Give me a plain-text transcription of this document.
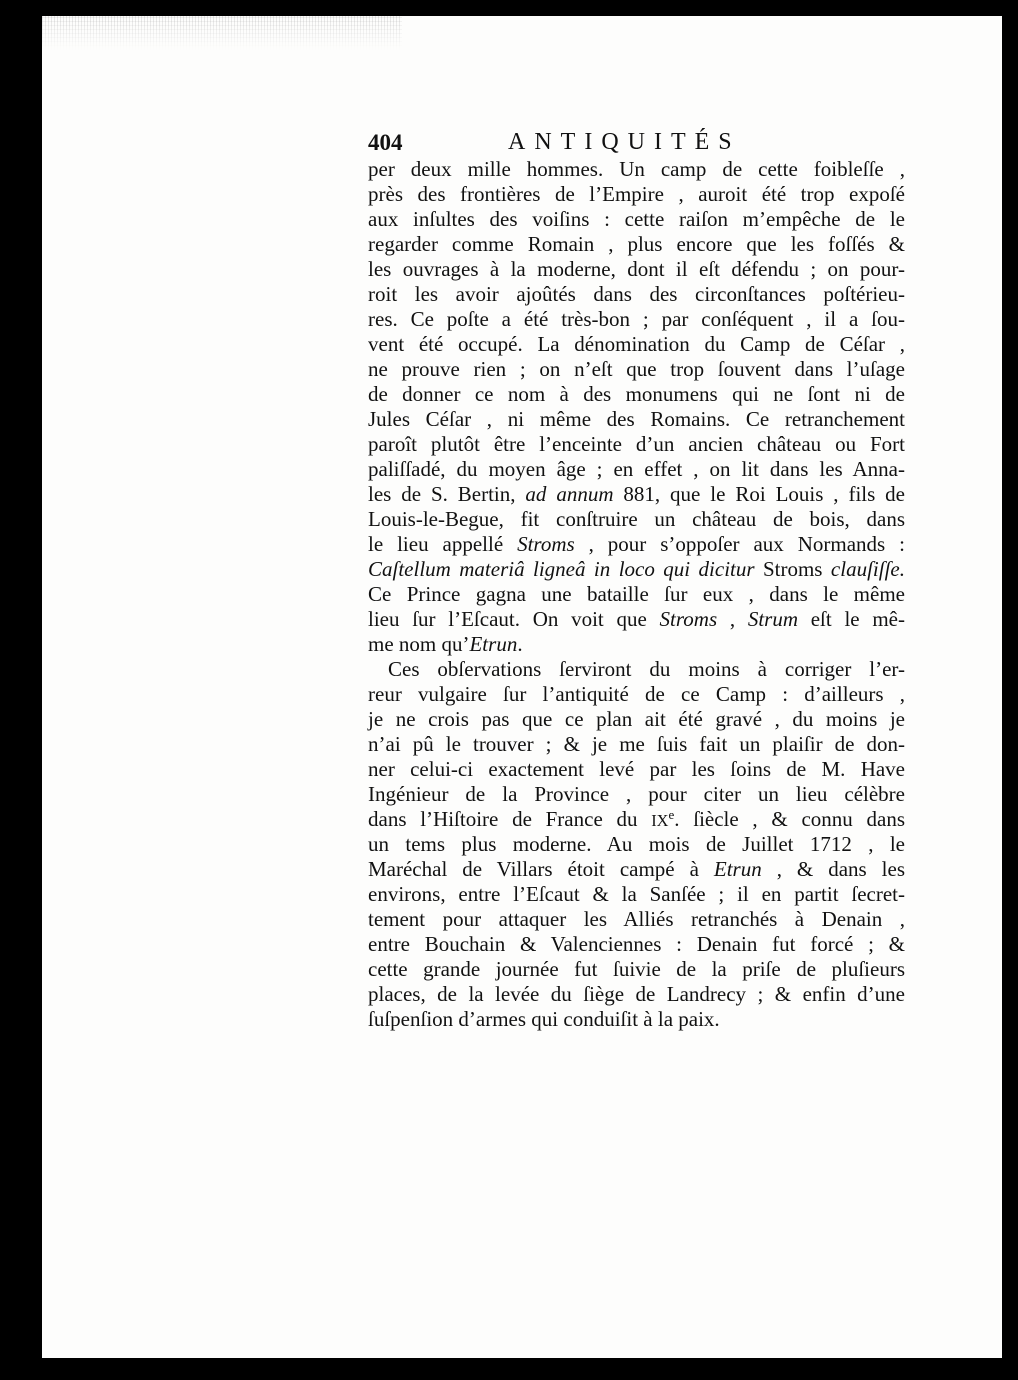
404	ANTIQUITÉS
per deux mille hommes. Un camp de cette foibleſſe ,
près des frontières de l’Empire , auroit été trop expoſé
aux inſultes des voiſins : cette raiſon m’empêche de le
regarder comme Romain , plus encore que les foſſés &
les ouvrages à la moderne, dont il eſt défendu ; on pour-
roit les avoir ajoûtés dans des circonſtances poſtérieu-
res. Ce poſte a été très-bon ; par conſéquent , il a ſou-
vent été occupé. La dénomination du Camp de Céſar ,
ne prouve rien ; on n’eſt que trop ſouvent dans l’uſage
de donner ce nom à des monumens qui ne ſont ni de
Jules Céſar , ni même des Romains. Ce retranchement
paroît plutôt être l’enceinte d’un ancien château ou Fort
paliſſadé, du moyen âge ; en effet , on lit dans les Anna-
les de S. Bertin, ad annum 881, que le Roi Louis , fils de
Louis-le-Begue, fit conſtruire un château de bois, dans
le lieu appellé Stroms , pour s’oppoſer aux Normands :
Caſtellum materiâ ligneâ in loco qui dicitur Stroms clauſiſſe.
Ce Prince gagna une bataille ſur eux , dans le même
lieu ſur l’Eſcaut. On voit que Stroms , Strum eſt le mê-
me nom qu’Etrun.
Ces obſervations ſerviront du moins à corriger l’er-
reur vulgaire ſur l’antiquité de ce Camp : d’ailleurs ,
je ne crois pas que ce plan ait été gravé , du moins je
n’ai pû le trouver ; & je me ſuis fait un plaiſir de don-
ner celui-ci exactement levé par les ſoins de M. Have
Ingénieur de la Province , pour citer un lieu célèbre
dans l’Hiſtoire de France du IXe. ſiècle , & connu dans
un tems plus moderne. Au mois de Juillet 1712 , le
Maréchal de Villars étoit campé à Etrun , & dans les
environs, entre l’Eſcaut & la Sanſée ; il en partit ſecret-
tement pour attaquer les Alliés retranchés à Denain ,
entre Bouchain & Valenciennes : Denain fut forcé ; &
cette grande journée fut ſuivie de la priſe de pluſieurs
places, de la levée du ſiège de Landrecy ; & enfin d’une
ſuſpenſion d’armes qui conduiſit à la paix.
